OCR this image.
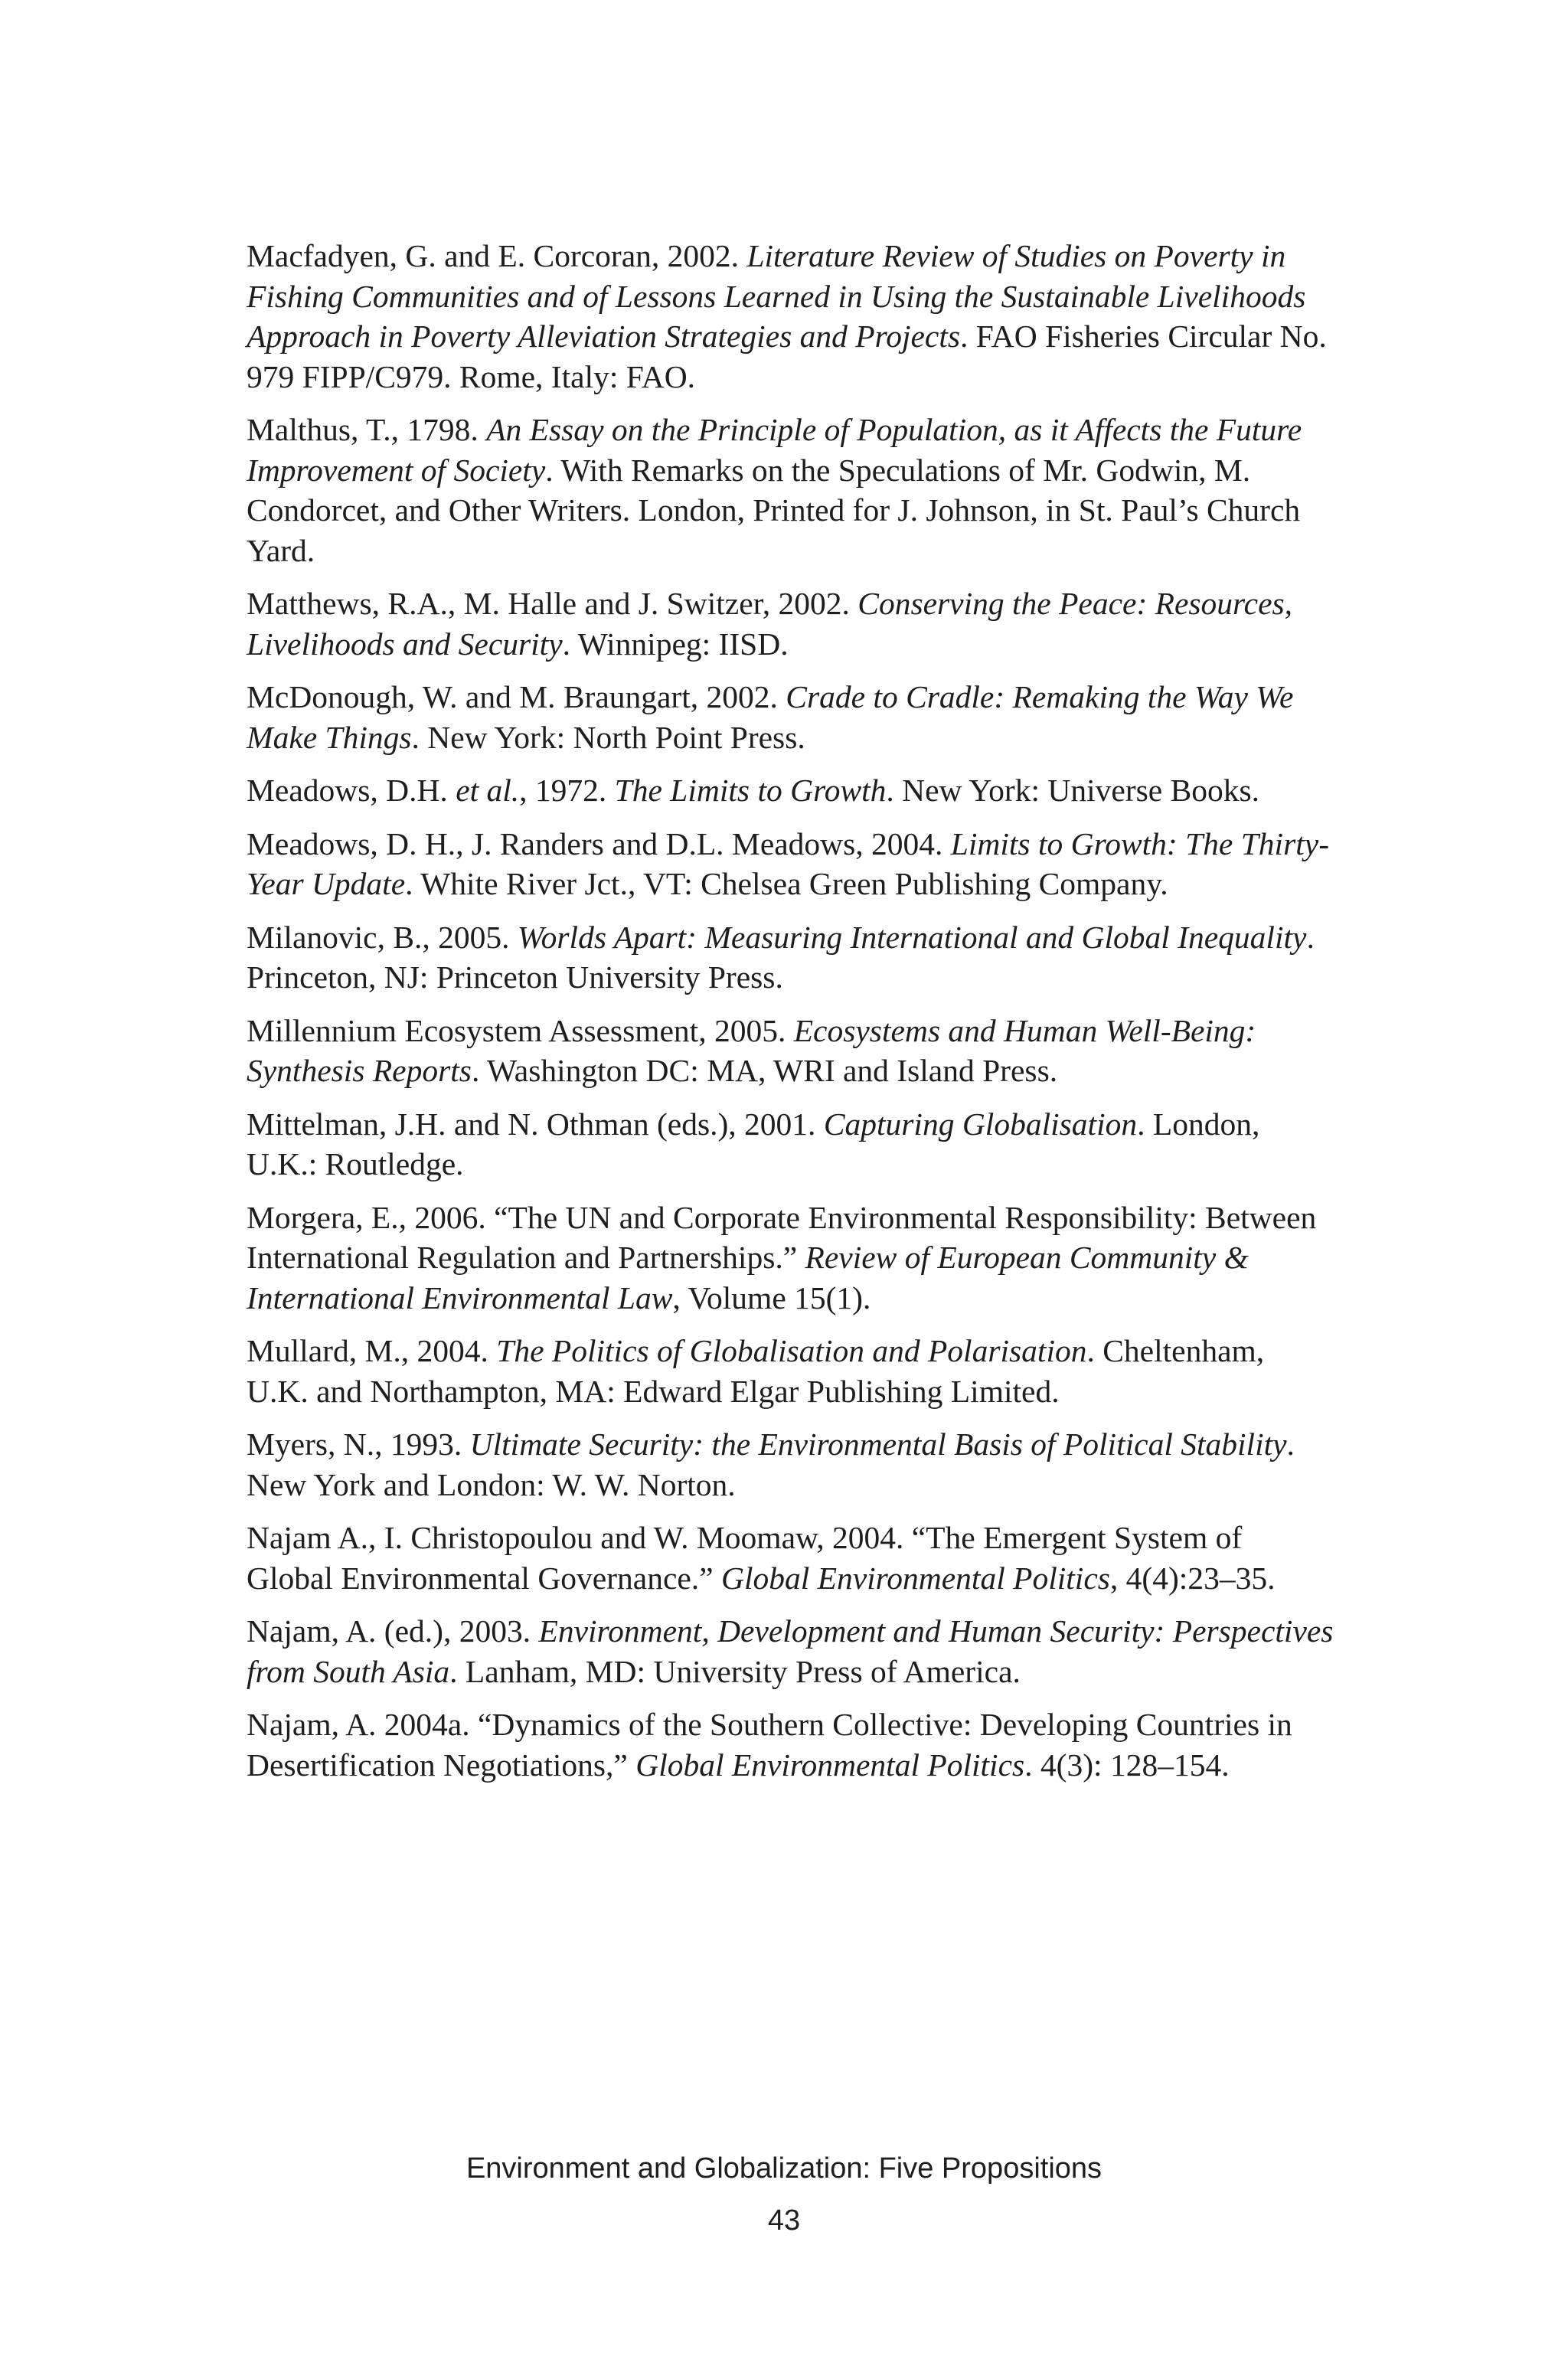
Macfadyen, G. and E. Corcoran, 2002. Literature Review of Studies on Poverty in Fishing Communities and of Lessons Learned in Using the Sustainable Livelihoods Approach in Poverty Alleviation Strategies and Projects. FAO Fisheries Circular No. 979 FIPP/C979. Rome, Italy: FAO.

Malthus, T., 1798. An Essay on the Principle of Population, as it Affects the Future Improvement of Society. With Remarks on the Speculations of Mr. Godwin, M. Condorcet, and Other Writers. London, Printed for J. Johnson, in St. Paul’s Church Yard.

Matthews, R.A., M. Halle and J. Switzer, 2002. Conserving the Peace: Resources, Livelihoods and Security. Winnipeg: IISD.

McDonough, W. and M. Braungart, 2002. Crade to Cradle: Remaking the Way We Make Things. New York: North Point Press.

Meadows, D.H. et al., 1972. The Limits to Growth. New York: Universe Books.

Meadows, D. H., J. Randers and D.L. Meadows, 2004. Limits to Growth: The Thirty-Year Update. White River Jct., VT: Chelsea Green Publishing Company.

Milanovic, B., 2005. Worlds Apart: Measuring International and Global Inequality. Princeton, NJ: Princeton University Press.

Millennium Ecosystem Assessment, 2005. Ecosystems and Human Well-Being: Synthesis Reports. Washington DC: MA, WRI and Island Press.

Mittelman, J.H. and N. Othman (eds.), 2001. Capturing Globalisation. London, U.K.: Routledge.

Morgera, E., 2006. “The UN and Corporate Environmental Responsibility: Between International Regulation and Partnerships.” Review of European Community & International Environmental Law, Volume 15(1).

Mullard, M., 2004. The Politics of Globalisation and Polarisation. Cheltenham, U.K. and Northampton, MA: Edward Elgar Publishing Limited.

Myers, N., 1993. Ultimate Security: the Environmental Basis of Political Stability. New York and London: W. W. Norton.

Najam A., I. Christopoulou and W. Moomaw, 2004. “The Emergent System of Global Environmental Governance.” Global Environmental Politics, 4(4):23–35.

Najam, A. (ed.), 2003. Environment, Development and Human Security: Perspectives from South Asia. Lanham, MD: University Press of America.

Najam, A. 2004a. “Dynamics of the Southern Collective: Developing Countries in Desertification Negotiations,” Global Environmental Politics. 4(3): 128–154.

Environment and Globalization: Five Propositions
43
